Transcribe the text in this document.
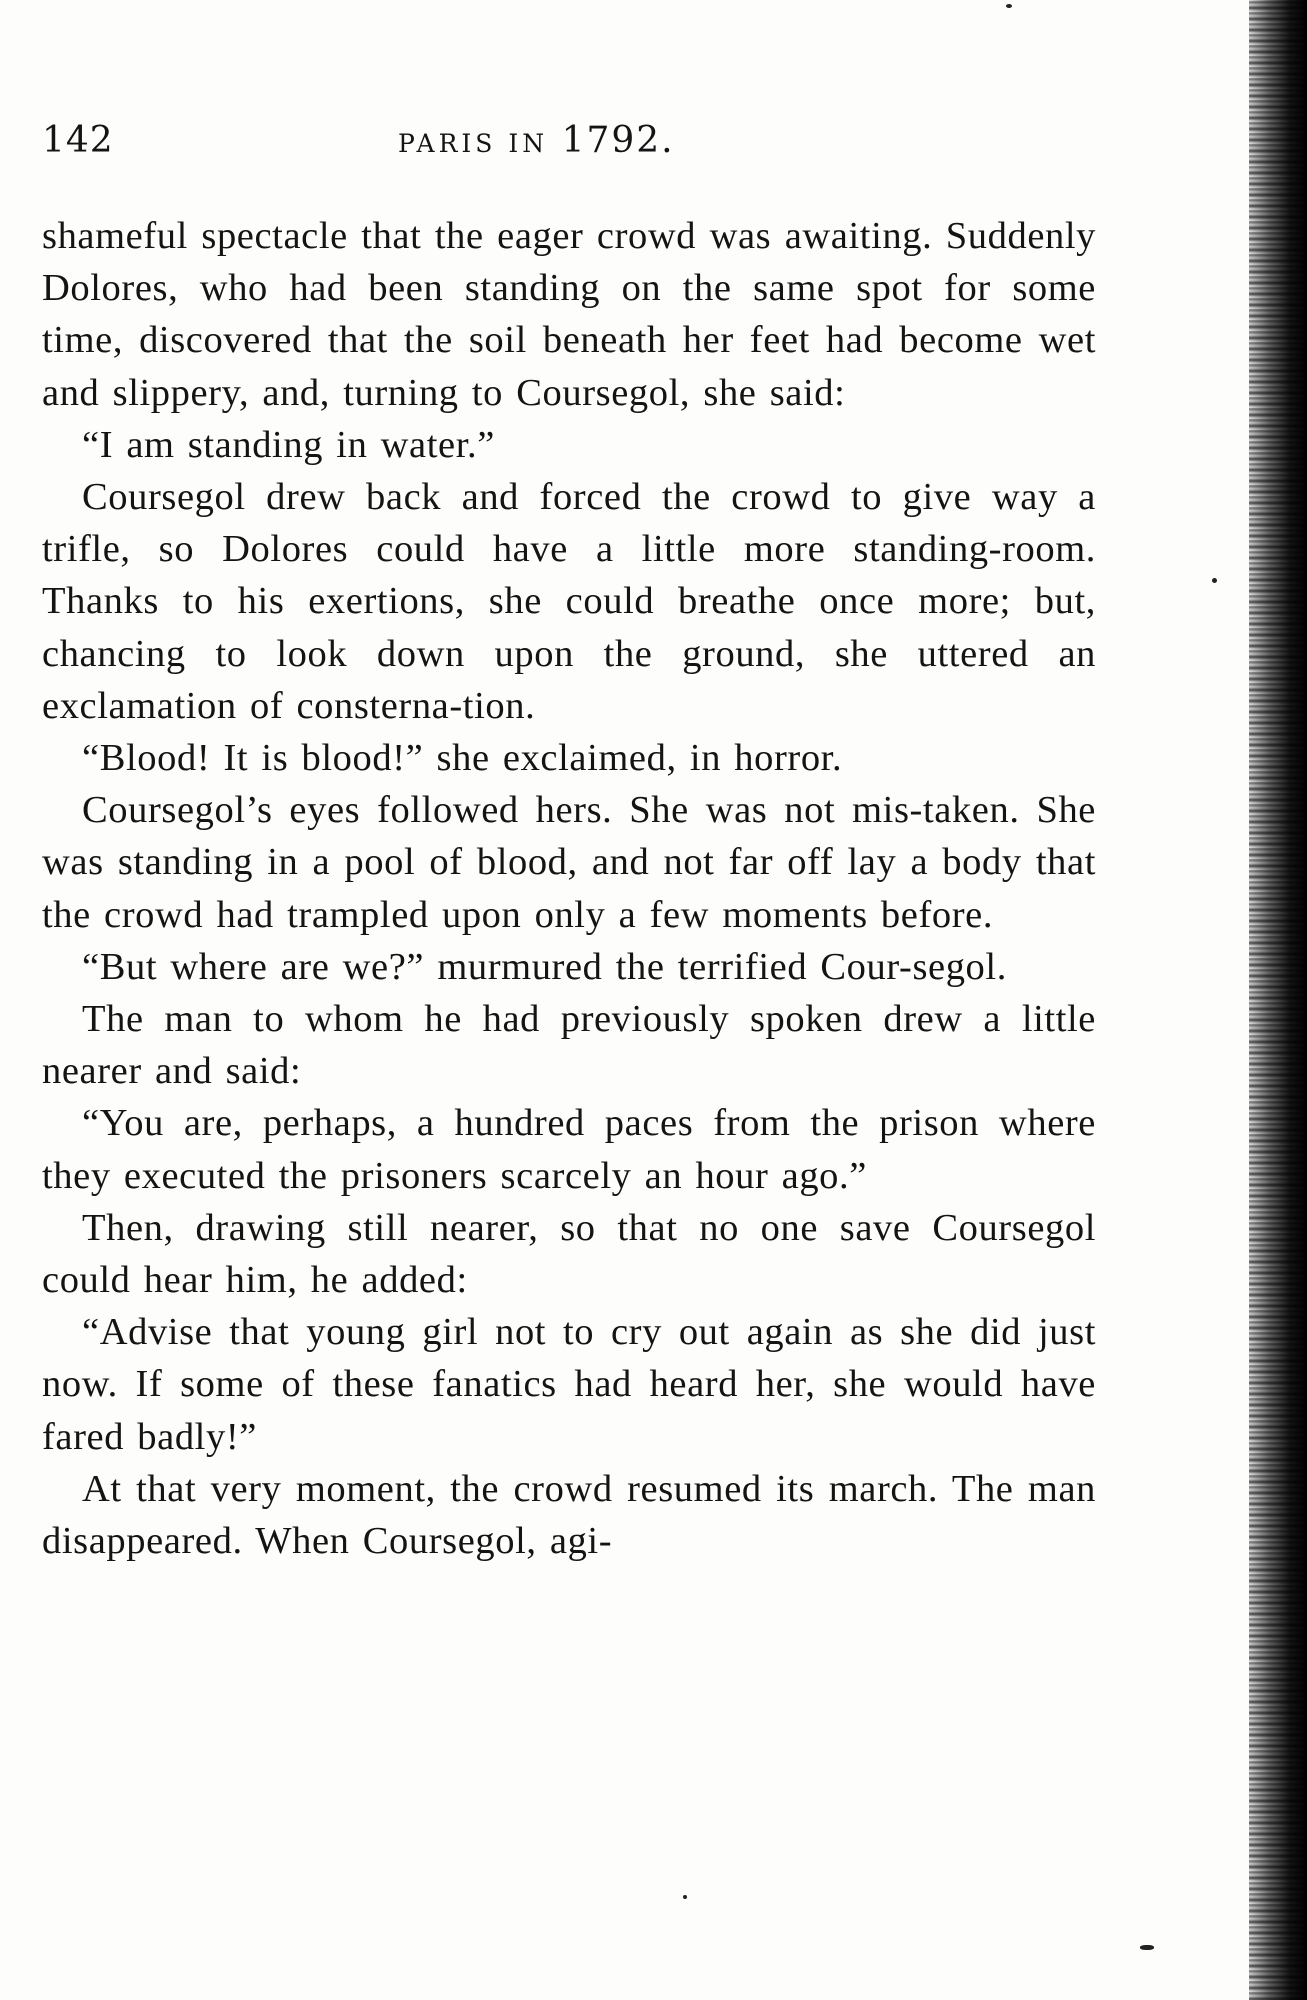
142	PARIS IN 1792.

shameful spectacle that the eager crowd was awaiting. Suddenly Dolores, who had been standing on the same spot for some time, discovered that the soil beneath her feet had become wet and slippery, and, turning to Coursegol, she said:

“I am standing in water.”

Coursegol drew back and forced the crowd to give way a trifle, so Dolores could have a little more standing-room. Thanks to his exertions, she could breathe once more; but, chancing to look down upon the ground, she uttered an exclamation of consterna-tion.

“Blood! It is blood!” she exclaimed, in horror.

Coursegol’s eyes followed hers. She was not mis-taken. She was standing in a pool of blood, and not far off lay a body that the crowd had trampled upon only a few moments before.

“But where are we?” murmured the terrified Cour-segol.

The man to whom he had previously spoken drew a little nearer and said:

“You are, perhaps, a hundred paces from the prison where they executed the prisoners scarcely an hour ago.”

Then, drawing still nearer, so that no one save Coursegol could hear him, he added:

“Advise that young girl not to cry out again as she did just now. If some of these fanatics had heard her, she would have fared badly!”

At that very moment, the crowd resumed its march. The man disappeared. When Coursegol, agi-
